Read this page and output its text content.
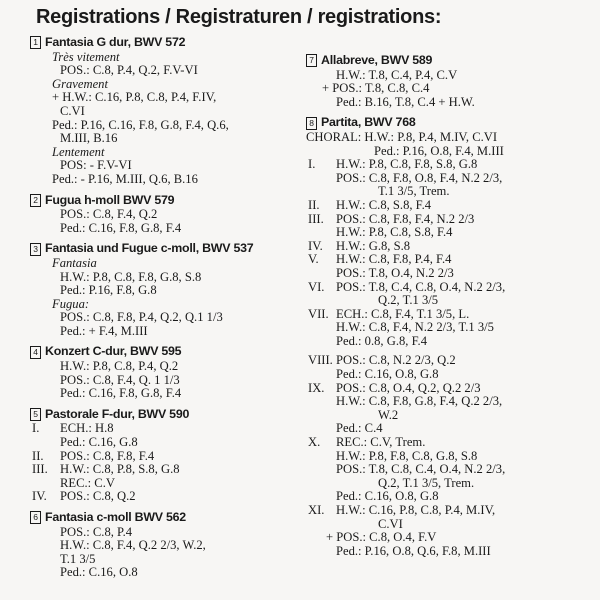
Registrations / Registraturen / registrations:
1 Fantasia G dur, BWV 572
Très vitement
POS.: C.8, P.4, Q.2, F.V-VI
Gravement
+ H.W.: C.16, P.8, C.8, P.4, F.IV,
C.VI
Ped.: P.16, C.16, F.8, G.8, F.4, Q.6,
M.III, B.16
Lentement
POS: - F.V-VI
Ped.: - P.16, M.III, Q.6, B.16
2 Fugua h-moll BWV 579
POS.: C.8, F.4, Q.2
Ped.: C.16, F.8, G.8, F.4
3 Fantasia und Fugue c-moll, BWV 537
Fantasia
H.W.: P.8, C.8, F.8, G.8, S.8
Ped.: P.16, F.8, G.8
Fugua:
POS.: C.8, F.8, P.4, Q.2, Q.1 1/3
Ped.: + F.4, M.III
4 Konzert C-dur, BWV 595
H.W.: P.8, C.8, P.4, Q.2
POS.: C.8, F.4, Q. 1 1/3
Ped.: C.16, F.8, G.8, F.4
5 Pastorale F-dur, BWV 590
I.	ECH.: H.8
Ped.: C.16, G.8
II.	POS.: C.8, F.8, F.4
III. H.W.: C.8, P.8, S.8, G.8
REC.: C.V
IV.	POS.: C.8, Q.2
6 Fantasia c-moll BWV 562
POS.: C.8, P.4
H.W.: C.8, F.4, Q.2 2/3, W.2,
T.1 3/5
Ped.: C.16, O.8
7 Allabreve, BWV 589
H.W.: T.8, C.4, P.4, C.V
+ POS.: T.8, C.8, C.4
Ped.: B.16, T.8, C.4 + H.W.
8 Partita, BWV 768
CHORAL: H.W.: P.8, P.4, M.IV, C.VI
Ped.: P.16, O.8, F.4, M.III
I.	H.W.: P.8, C.8, F.8, S.8, G.8
POS.: C.8, F.8, O.8, F.4, N.2 2/3,
T.1 3/5, Trem.
II.	H.W.: C.8, S.8, F.4
III. POS.: C.8, F.8, F.4, N.2 2/3
H.W.: P.8, C.8, S.8, F.4
IV.	H.W.: G.8, S.8
V.	H.W.: C.8, F.8, P.4, F.4
POS.: T.8, O.4, N.2 2/3
VI. POS.: T.8, C.4, C.8, O.4, N.2 2/3,
Q.2, T.1 3/5
VII. ECH.: C.8, F.4, T.1 3/5, L.
H.W.: C.8, F.4, N.2 2/3, T.1 3/5
Ped.: 0.8, G.8, F.4
VIII. POS.: C.8, N.2 2/3, Q.2
Ped.: C.16, O.8, G.8
IX. POS.: C.8, O.4, Q.2, Q.2 2/3
H.W.: C.8, F.8, G.8, F.4, Q.2 2/3,
W.2
Ped.: C.4
X.	REC.: C.V, Trem.
H.W.: P.8, F.8, C.8, G.8, S.8
POS.: T.8, C.8, C.4, O.4, N.2 2/3,
Q.2, T.1 3/5, Trem.
Ped.: C.16, O.8, G.8
XI. H.W.: C.16, P.8, C.8, P.4, M.IV,
C.VI
+ POS.: C.8, O.4, F.V
Ped.: P.16, O.8, Q.6, F.8, M.III
